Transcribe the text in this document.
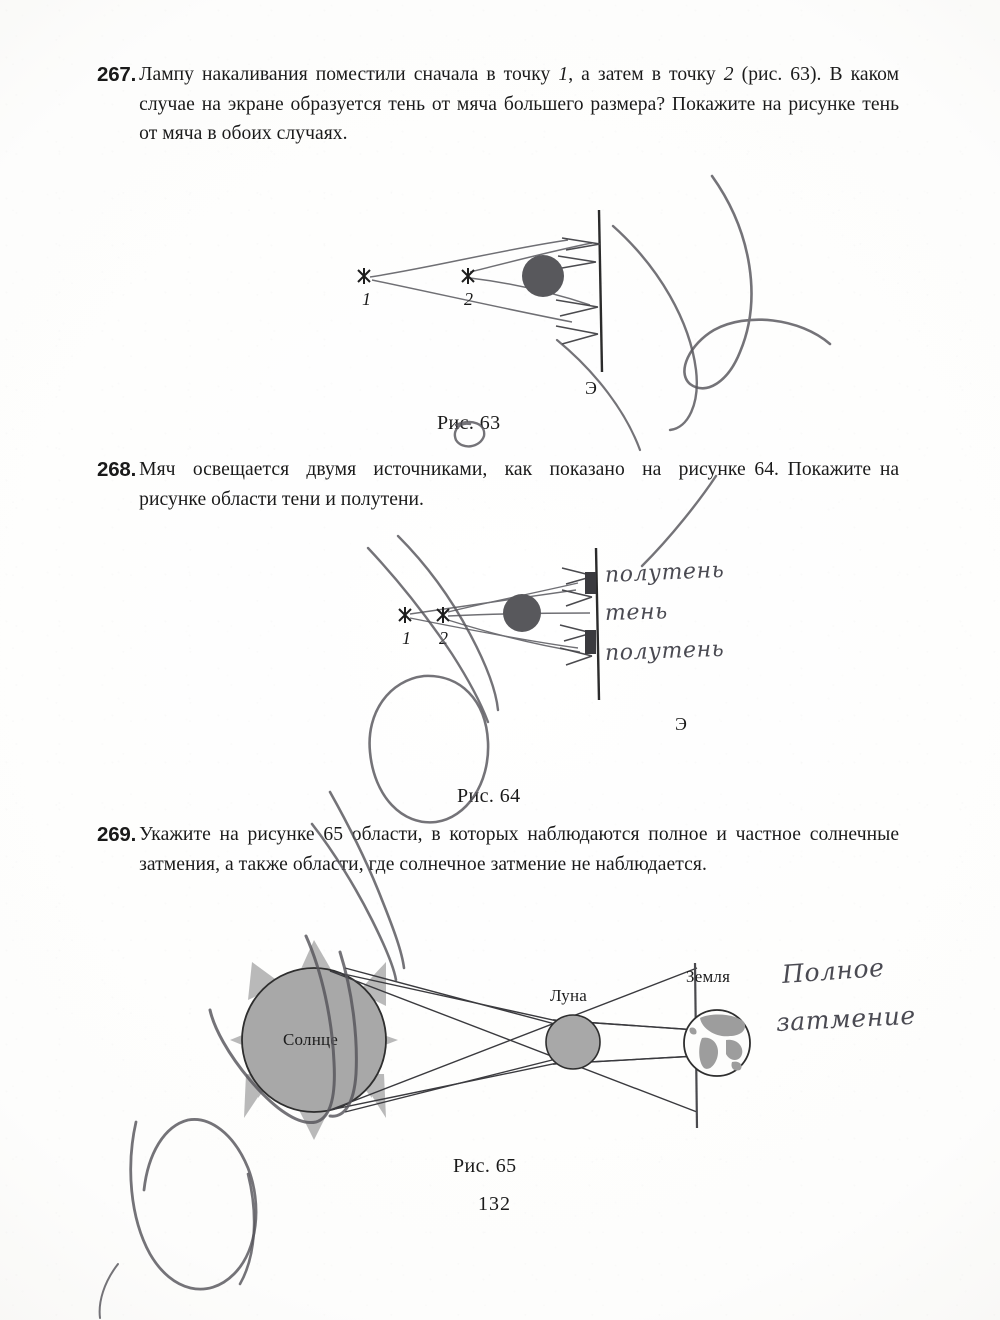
267. Лампу накаливания поместили сначала в точку 1, а затем в точку 2 (рис. 63). В каком случае на экране образуется тень от мяча большего размера? Покажите на рисунке тень от мяча в обоих случаях.
1	2
Э
Рис. 63
268. Мяч  освещается  двумя  источниками,  как  показано  на  рисунке 64. Покажите на рисунке области тени и полутени.
1 2
Э
Рис. 64
полутень
тень
полутень
269. Укажите на рисунке 65 области, в которых наблюдаются полное и частное солнечные затмения, а также области, где солнечное затмение не наблюдается.
Солнце
Луна
Земля Полное
затмение
Рис. 65
132
